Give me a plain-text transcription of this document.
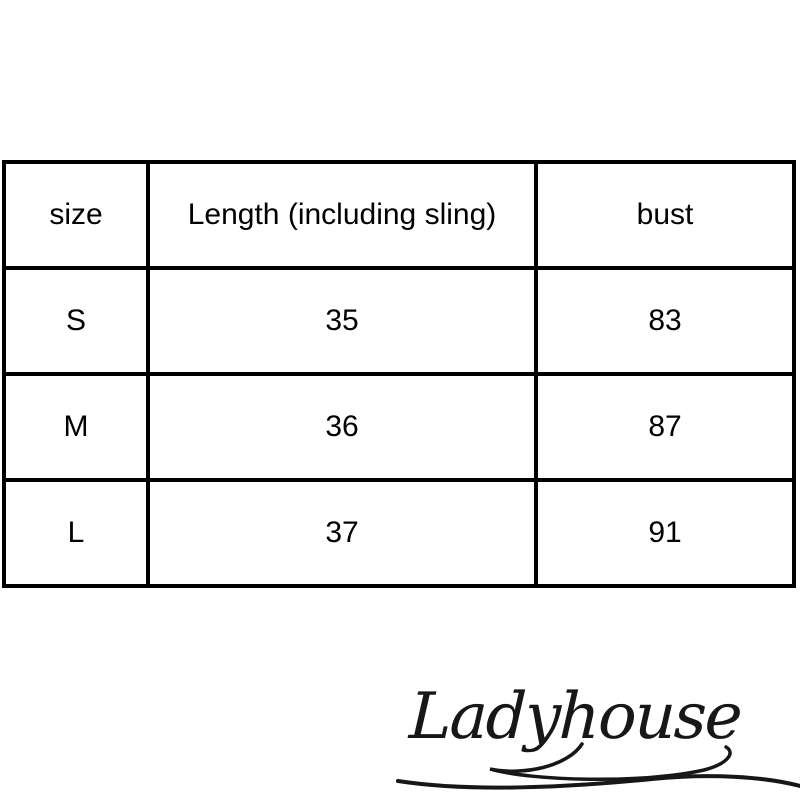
size	Length (including sling)	bust
S	35	83
M	36	87
L	37	91
Ladyhouse
